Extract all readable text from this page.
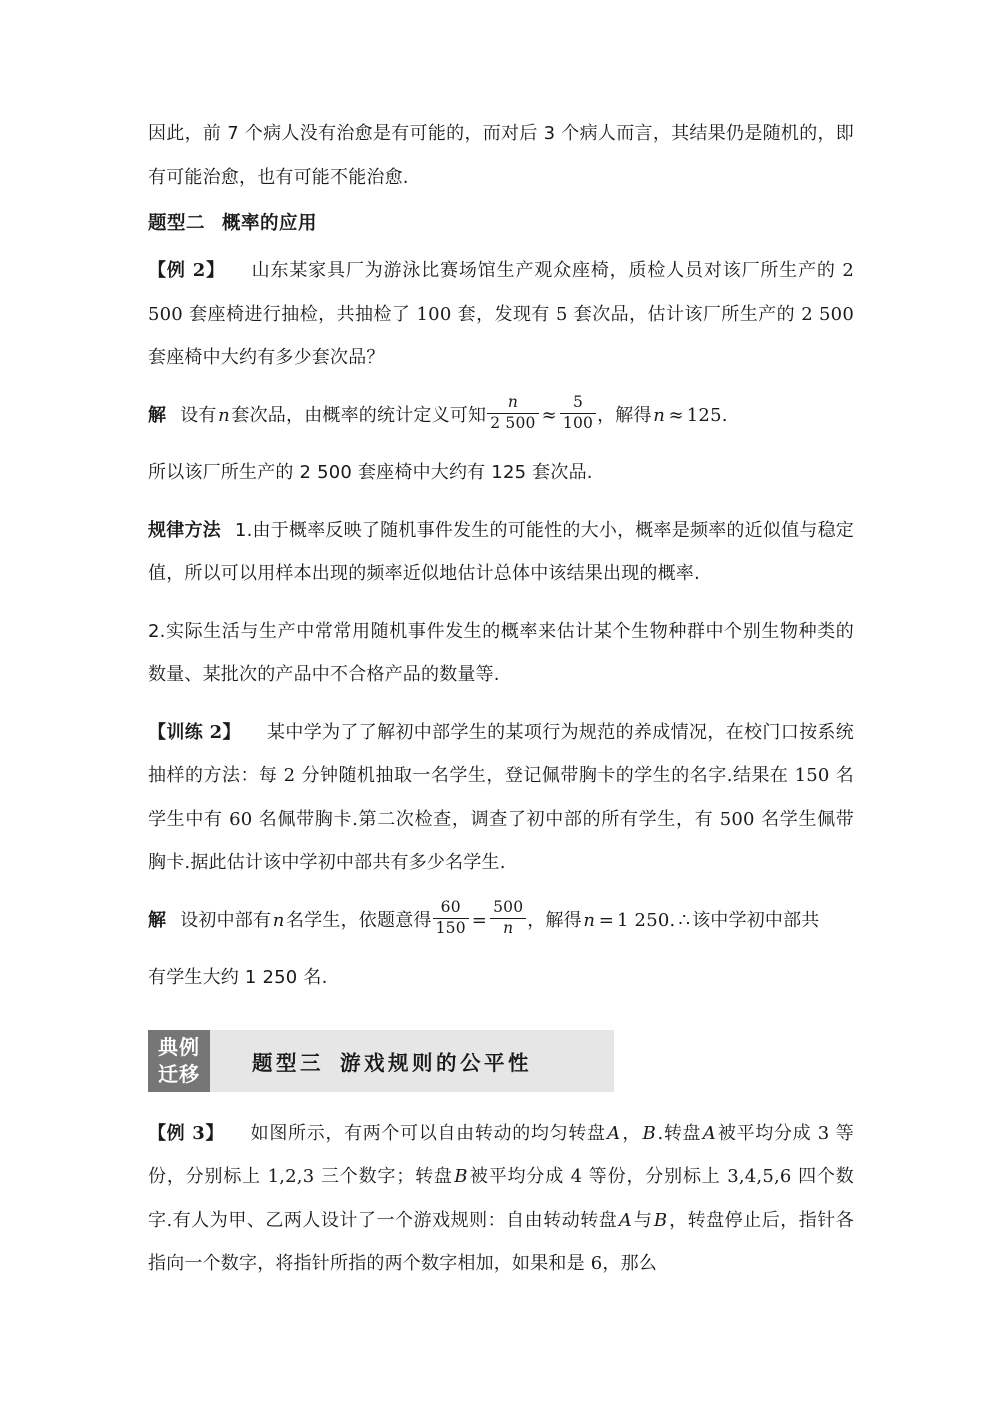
因此，前 7 个病人没有治愈是有可能的，而对后 3 个病人而言，其结果仍是随机的，即有可能治愈，也有可能不能治愈.

题型二 概率的应用

【例 2】 山东某家具厂为游泳比赛场馆生产观众座椅，质检人员对该厂所生产的 2 500 套座椅进行抽检，共抽检了 100 套，发现有 5 套次品，估计该厂所生产的 2 500 套座椅中大约有多少套次品？

解 设有n套次品，由概率的统计定义可知 $\frac{n}{2 500} \approx \frac{5}{100}$ ，解得n ≈ 125.

所以该厂所生产的 2 500 套座椅中大约有 125 套次品.

规律方法 1.由于概率反映了随机事件发生的可能性的大小，概率是频率的近似值与稳定值，所以可以用样本出现的频率近似地估计总体中该结果出现的概率.

2.实际生活与生产中常常用随机事件发生的概率来估计某个生物种群中个别生物种类的数量、某批次的产品中不合格产品的数量等.

【训练 2】 某中学为了了解初中部学生的某项行为规范的养成情况，在校门口按系统抽样的方法：每 2 分钟随机抽取一名学生，登记佩带胸卡的学生的名字.结果在 150 名学生中有 60 名佩带胸卡.第二次检查，调查了初中部的所有学生，有 500 名学生佩带胸卡.据此估计该中学初中部共有多少名学生.

解 设初中部有n名学生，依题意得 $\frac{60}{150} = \frac{500}{n}$ ，解得n = 1 250. ∴ 该中学初中部共

有学生大约 1 250 名.

典例
迁移	题型三 游戏规则的公平性

【例 3】 如图所示，有两个可以自由转动的均匀转盘A，B.转盘A被平均分成 3 等份，分别标上 1,2,3 三个数字；转盘B被平均分成 4 等份，分别标上 3,4,5,6 四个数字.有人为甲、乙两人设计了一个游戏规则：自由转动转盘A与B，转盘停止后，指针各指向一个数字，将指针所指的两个数字相加，如果和是 6，那么
